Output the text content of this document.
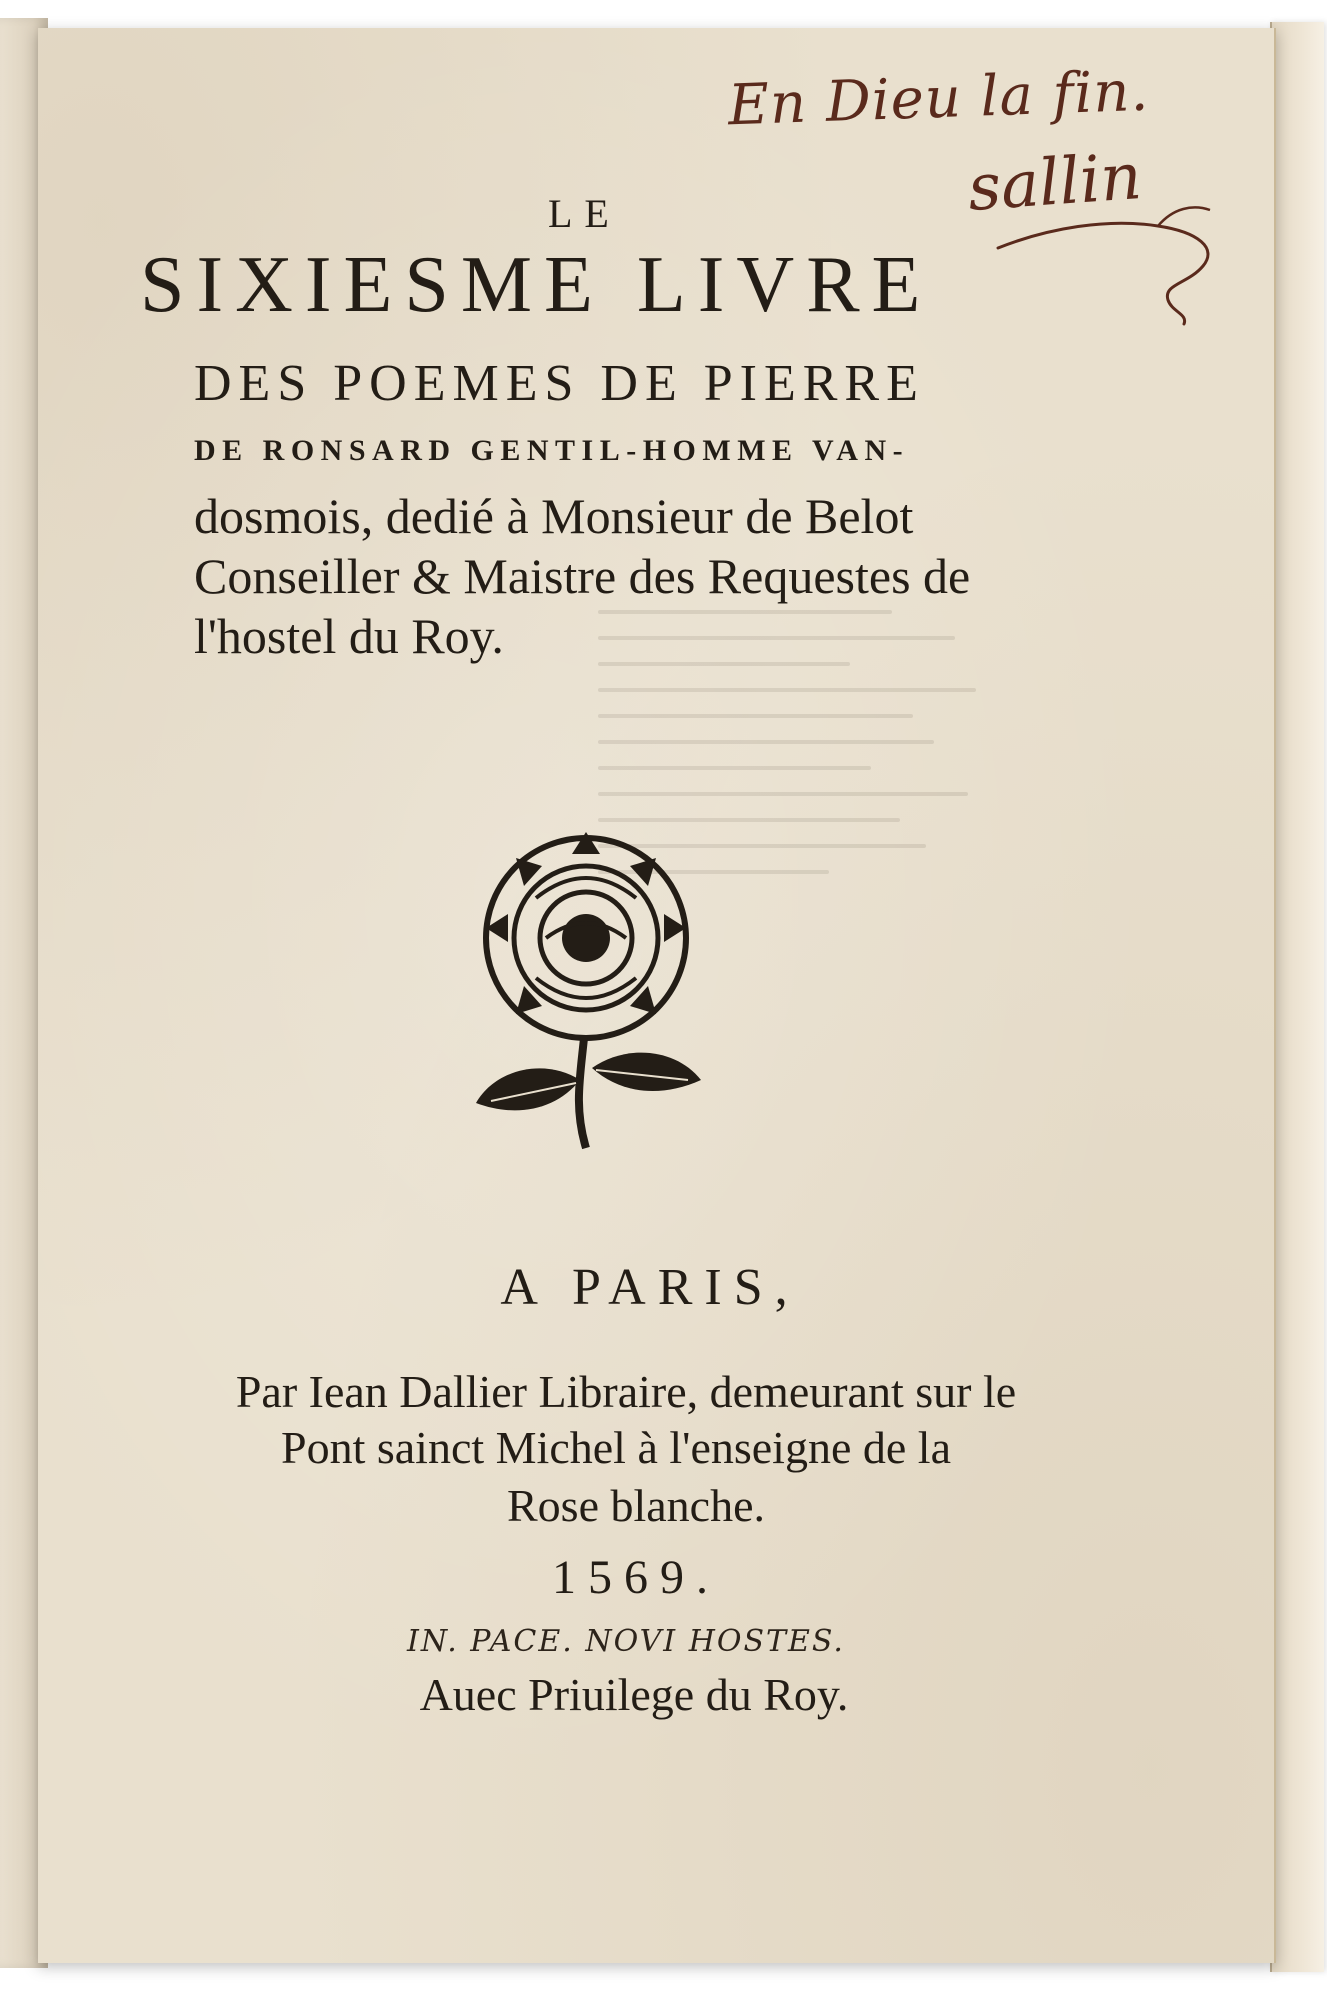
En Dieu la fin.
sallin
LE
SIXIESME LIVRE
DES POEMES DE PIERRE
DE RONSARD GENTIL-HOMME VAN-
dosmois, dedié à Monsieur de Belot Conseiller & Maistre des Requestes de l'hostel du Roy.
A PARIS,
Par Iean Dallier Libraire, demeurant sur le
Pont sainct Michel à l'enseigne de la
Rose blanche.
1569.
IN. PACE. NOVI HOSTES.
Auec Priuilege du Roy.
